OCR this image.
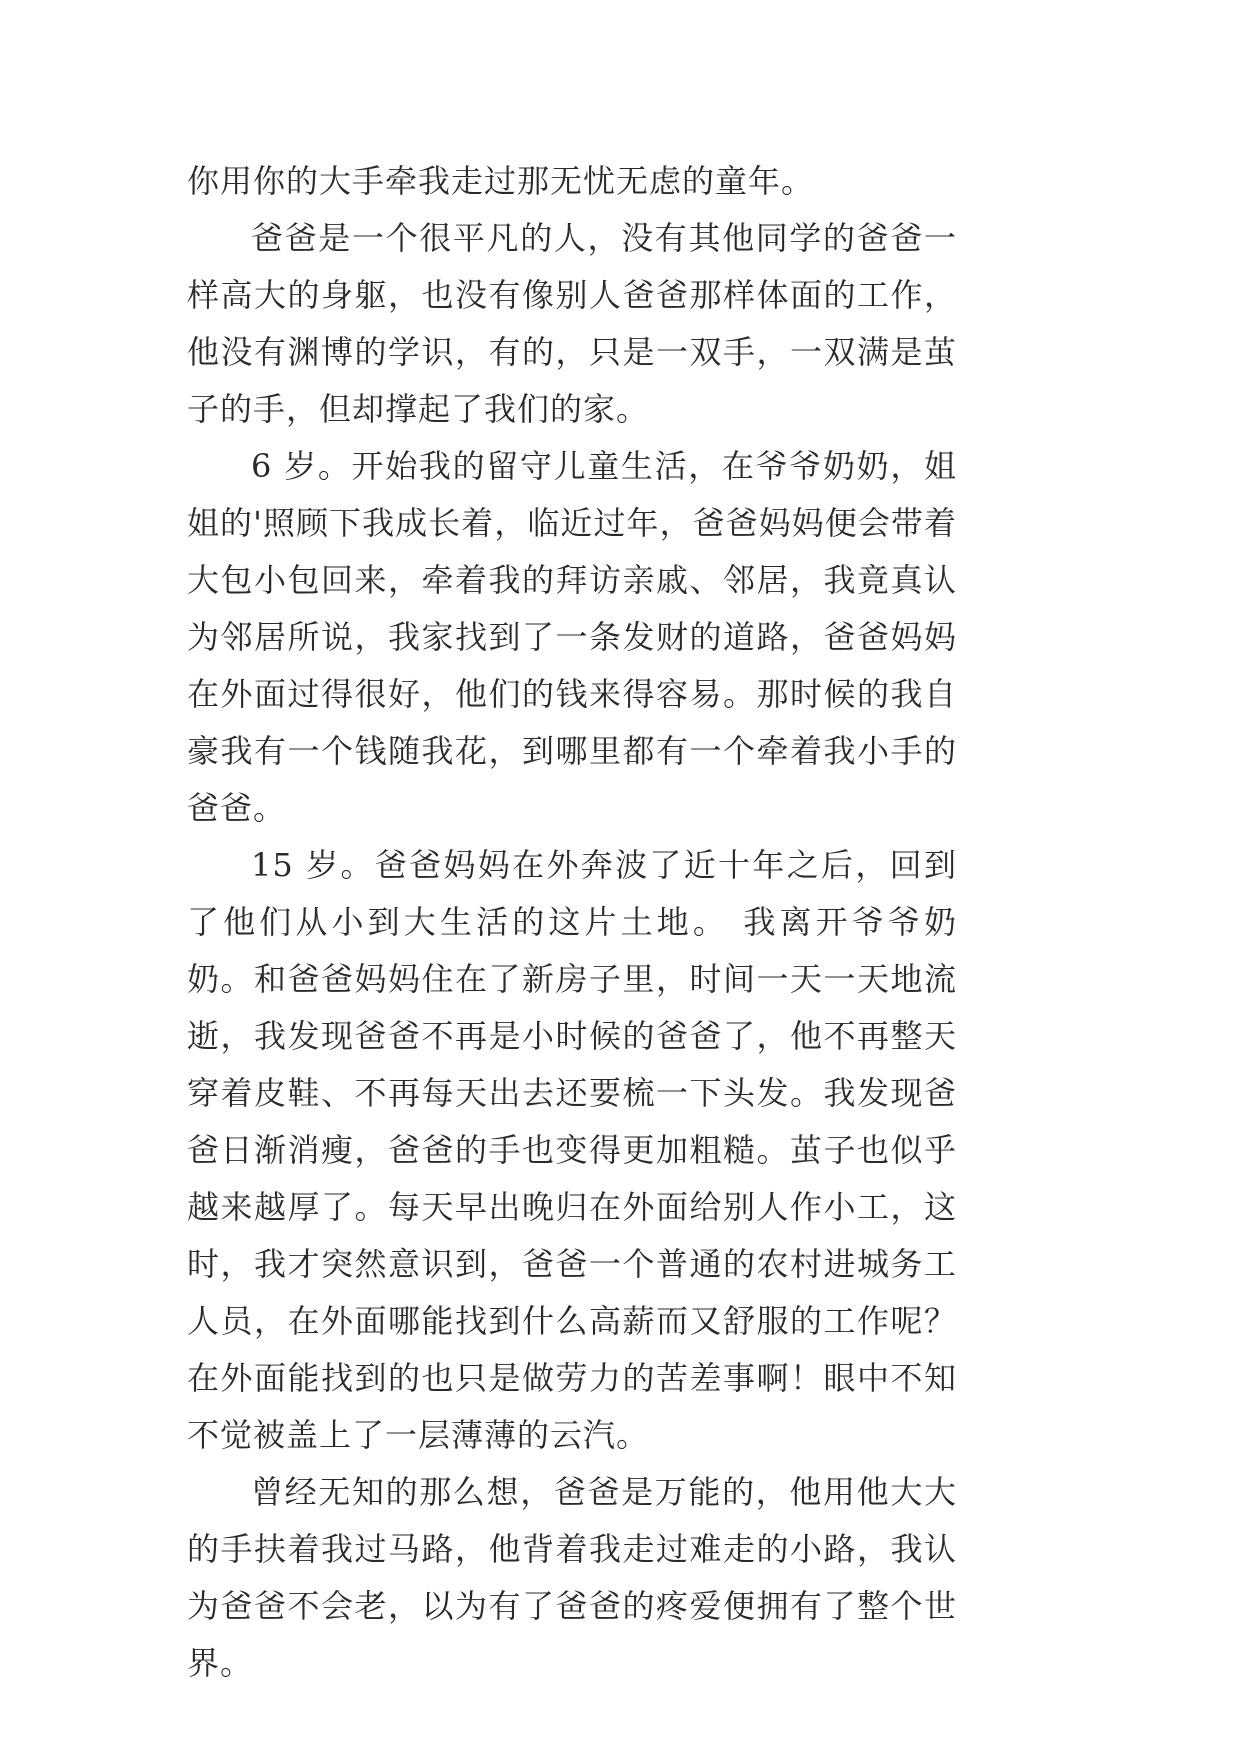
你用你的大手牵我走过那无忧无虑的童年。

爸爸是一个很平凡的人，没有其他同学的爸爸一样高大的身躯，也没有像别人爸爸那样体面的工作，他没有渊博的学识，有的，只是一双手，一双满是茧子的手，但却撑起了我们的家。

6 岁。开始我的留守儿童生活，在爷爷奶奶，姐姐的'照顾下我成长着，临近过年，爸爸妈妈便会带着大包小包回来，牵着我的拜访亲戚、邻居，我竟真认为邻居所说，我家找到了一条发财的道路，爸爸妈妈在外面过得很好，他们的钱来得容易。那时候的我自豪我有一个钱随我花，到哪里都有一个牵着我小手的爸爸。

15 岁。爸爸妈妈在外奔波了近十年之后，回到了他们从小到大生活的这片土地。 我离开爷爷奶奶。和爸爸妈妈住在了新房子里，时间一天一天地流逝，我发现爸爸不再是小时候的爸爸了，他不再整天穿着皮鞋、不再每天出去还要梳一下头发。我发现爸爸日渐消瘦，爸爸的手也变得更加粗糙。茧子也似乎越来越厚了。每天早出晚归在外面给别人作小工，这时，我才突然意识到，爸爸一个普通的农村进城务工人员，在外面哪能找到什么高薪而又舒服的工作呢？在外面能找到的也只是做劳力的苦差事啊！眼中不知不觉被盖上了一层薄薄的云汽。

曾经无知的那么想，爸爸是万能的，他用他大大的手扶着我过马路，他背着我走过难走的小路，我认为爸爸不会老，以为有了爸爸的疼爱便拥有了整个世界。
